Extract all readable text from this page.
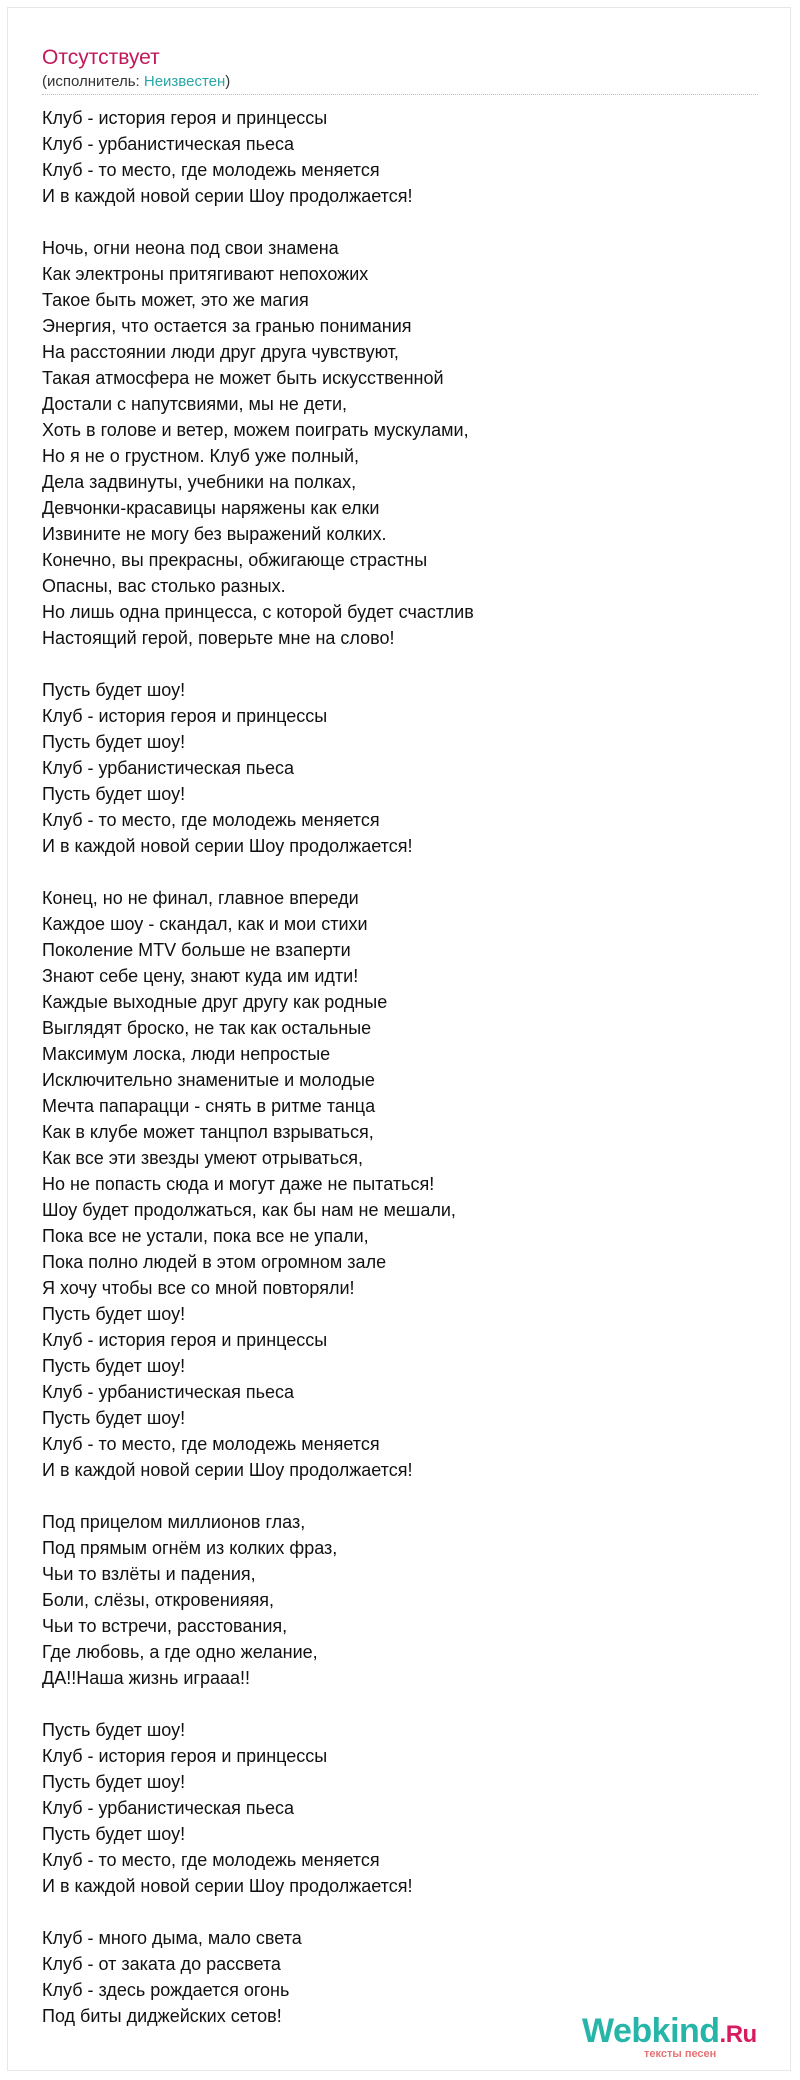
Отсутствует
(исполнитель: Неизвестен)
Клуб - история героя и принцессы
Клуб - урбанистическая пьеса
Клуб - то место, где молодежь меняется
И в каждой новой серии Шоу продолжается!
Ночь, огни неона под свои знамена
Как электроны притягивают непохожих
Такое быть может, это же магия
Энергия, что остается за гранью понимания
На расстоянии люди друг друга чувствуют,
Такая атмосфера не может быть искусственной
Достали с напутсвиями, мы не дети,
Хоть в голове и ветер, можем поиграть мускулами,
Но я не о грустном. Клуб уже полный,
Дела задвинуты, учебники на полках,
Девчонки-красавицы наряжены как елки
Извините не могу без выражений колких.
Конечно, вы прекрасны, обжигающе страстны
Опасны, вас столько разных.
Но лишь одна принцесса, с которой будет счастлив
Настоящий герой, поверьте мне на слово!
Пусть будет шоу!
Клуб - история героя и принцессы
Пусть будет шоу!
Клуб - урбанистическая пьеса
Пусть будет шоу!
Клуб - то место, где молодежь меняется
И в каждой новой серии Шоу продолжается!
Конец, но не финал, главное впереди
Каждое шоу - скандал, как и мои стихи
Поколение MTV больше не взаперти
Знают себе цену, знают куда им идти!
Каждые выходные друг другу как родные
Выглядят броско, не так как остальные
Максимум лоска, люди непростые
Исключительно знаменитые и молодые
Мечта папарацци - снять в ритме танца
Как в клубе может танцпол взрываться,
Как все эти звезды умеют отрываться,
Но не попасть сюда и могут даже не пытаться!
Шоу будет продолжаться, как бы нам не мешали,
Пока все не устали, пока все не упали,
Пока полно людей в этом огромном зале
Я хочу чтобы все со мной повторяли!
Пусть будет шоу!
Клуб - история героя и принцессы
Пусть будет шоу!
Клуб - урбанистическая пьеса
Пусть будет шоу!
Клуб - то место, где молодежь меняется
И в каждой новой серии Шоу продолжается!
Под прицелом миллионов глаз,
Под прямым огнём из колких фраз,
Чьи то взлёты и падения,
Боли, слёзы, откровенияяя,
Чьи то встречи, расстования,
Где любовь, а где одно желание,
ДА!!Наша жизнь играаа!!
Пусть будет шоу!
Клуб - история героя и принцессы
Пусть будет шоу!
Клуб - урбанистическая пьеса
Пусть будет шоу!
Клуб - то место, где молодежь меняется
И в каждой новой серии Шоу продолжается!
Клуб - много дыма, мало света
Клуб - от заката до рассвета
Клуб - здесь рождается огонь
Под биты диджейских сетов!	Webkind.Ru
тексты песен
